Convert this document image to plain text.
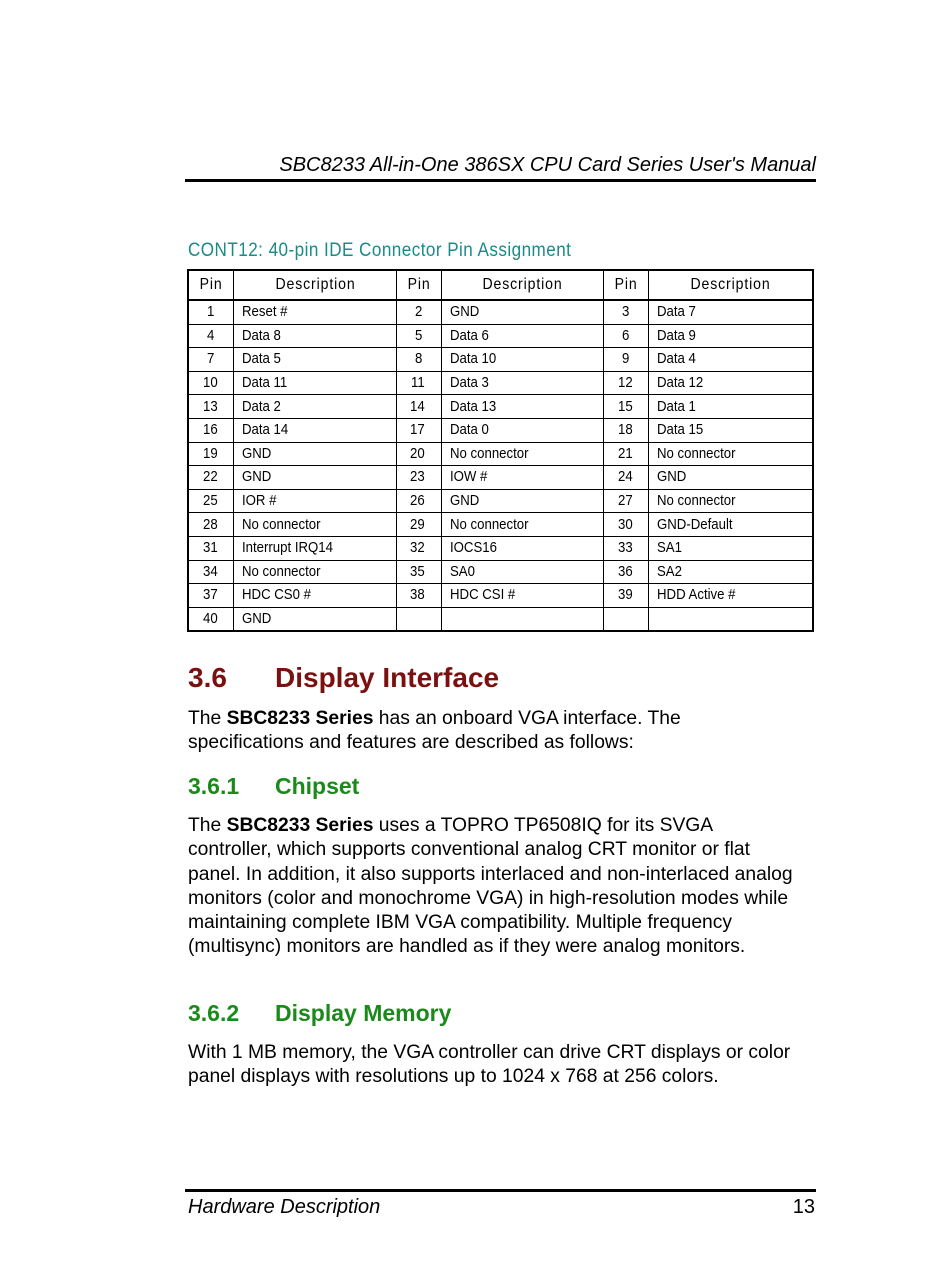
SBC8233 All-in-One 386SX CPU Card Series User's Manual
CONT12: 40-pin IDE Connector Pin Assignment
Pin	Description	Pin	Description	Pin	Description
1	Reset #	2	GND	3	Data 7
4	Data 8	5	Data 6	6	Data 9
7	Data 5	8	Data 10	9	Data 4
10	Data 11	11	Data 3	12	Data 12
13	Data 2	14	Data 13	15	Data 1
16	Data 14	17	Data 0	18	Data 15
19	GND	20	No connector	21	No connector
22	GND	23	IOW #	24	GND
25	IOR #	26	GND	27	No connector
28	No connector	29	No connector	30	GND-Default
31	Interrupt IRQ14	32	IOCS16	33	SA1
34	No connector	35	SA0	36	SA2
37	HDC CS0 #	38	HDC CSI #	39	HDD Active #
40	GND				
3.6 Display Interface

The SBC8233 Series has an onboard VGA interface. The specifications and features are described as follows:

3.6.1 Chipset

The SBC8233 Series uses a TOPRO TP6508IQ for its SVGA controller, which supports conventional analog CRT monitor or flat panel. In addition, it also supports interlaced and non-interlaced analog monitors (color and monochrome VGA) in high-resolution modes while maintaining complete IBM VGA compatibility. Multiple frequency (multisync) monitors are handled as if they were analog monitors.

3.6.2 Display Memory

With 1 MB memory, the VGA controller can drive CRT displays or color panel displays with resolutions up to 1024 x 768 at 256 colors.

Hardware Description	13
